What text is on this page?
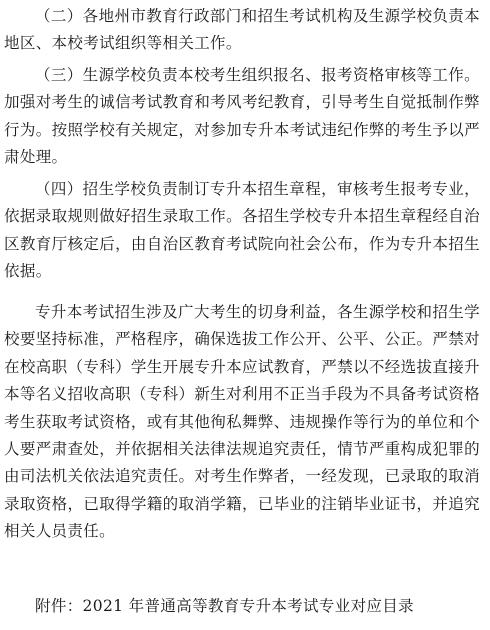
（二）各地州市教育行政部门和招生考试机构及生源学校负责本地区、本校考试组织等相关工作。

（三）生源学校负责本校考生组织报名、报考资格审核等工作。加强对考生的诚信考试教育和考风考纪教育，引导考生自觉抵制作弊行为。按照学校有关规定，对参加专升本考试违纪作弊的考生予以严肃处理。

（四）招生学校负责制订专升本招生章程，审核考生报考专业，依据录取规则做好招生录取工作。各招生学校专升本招生章程经自治区教育厅核定后，由自治区教育考试院向社会公布，作为专升本招生依据。

专升本考试招生涉及广大考生的切身利益，各生源学校和招生学校要坚持标准，严格程序，确保选拔工作公开、公平、公正。严禁对在校高职（专科）学生开展专升本应试教育，严禁以不经选拔直接升本等名义招收高职（专科）新生对利用不正当手段为不具备考试资格考生获取考试资格，或有其他徇私舞弊、违规操作等行为的单位和个人要严肃查处，并依据相关法律法规追究责任，情节严重构成犯罪的由司法机关依法追究责任。对考生作弊者，一经发现，已录取的取消录取资格，已取得学籍的取消学籍，已毕业的注销毕业证书，并追究相关人员责任。

附件：2021 年普通高等教育专升本考试专业对应目录
